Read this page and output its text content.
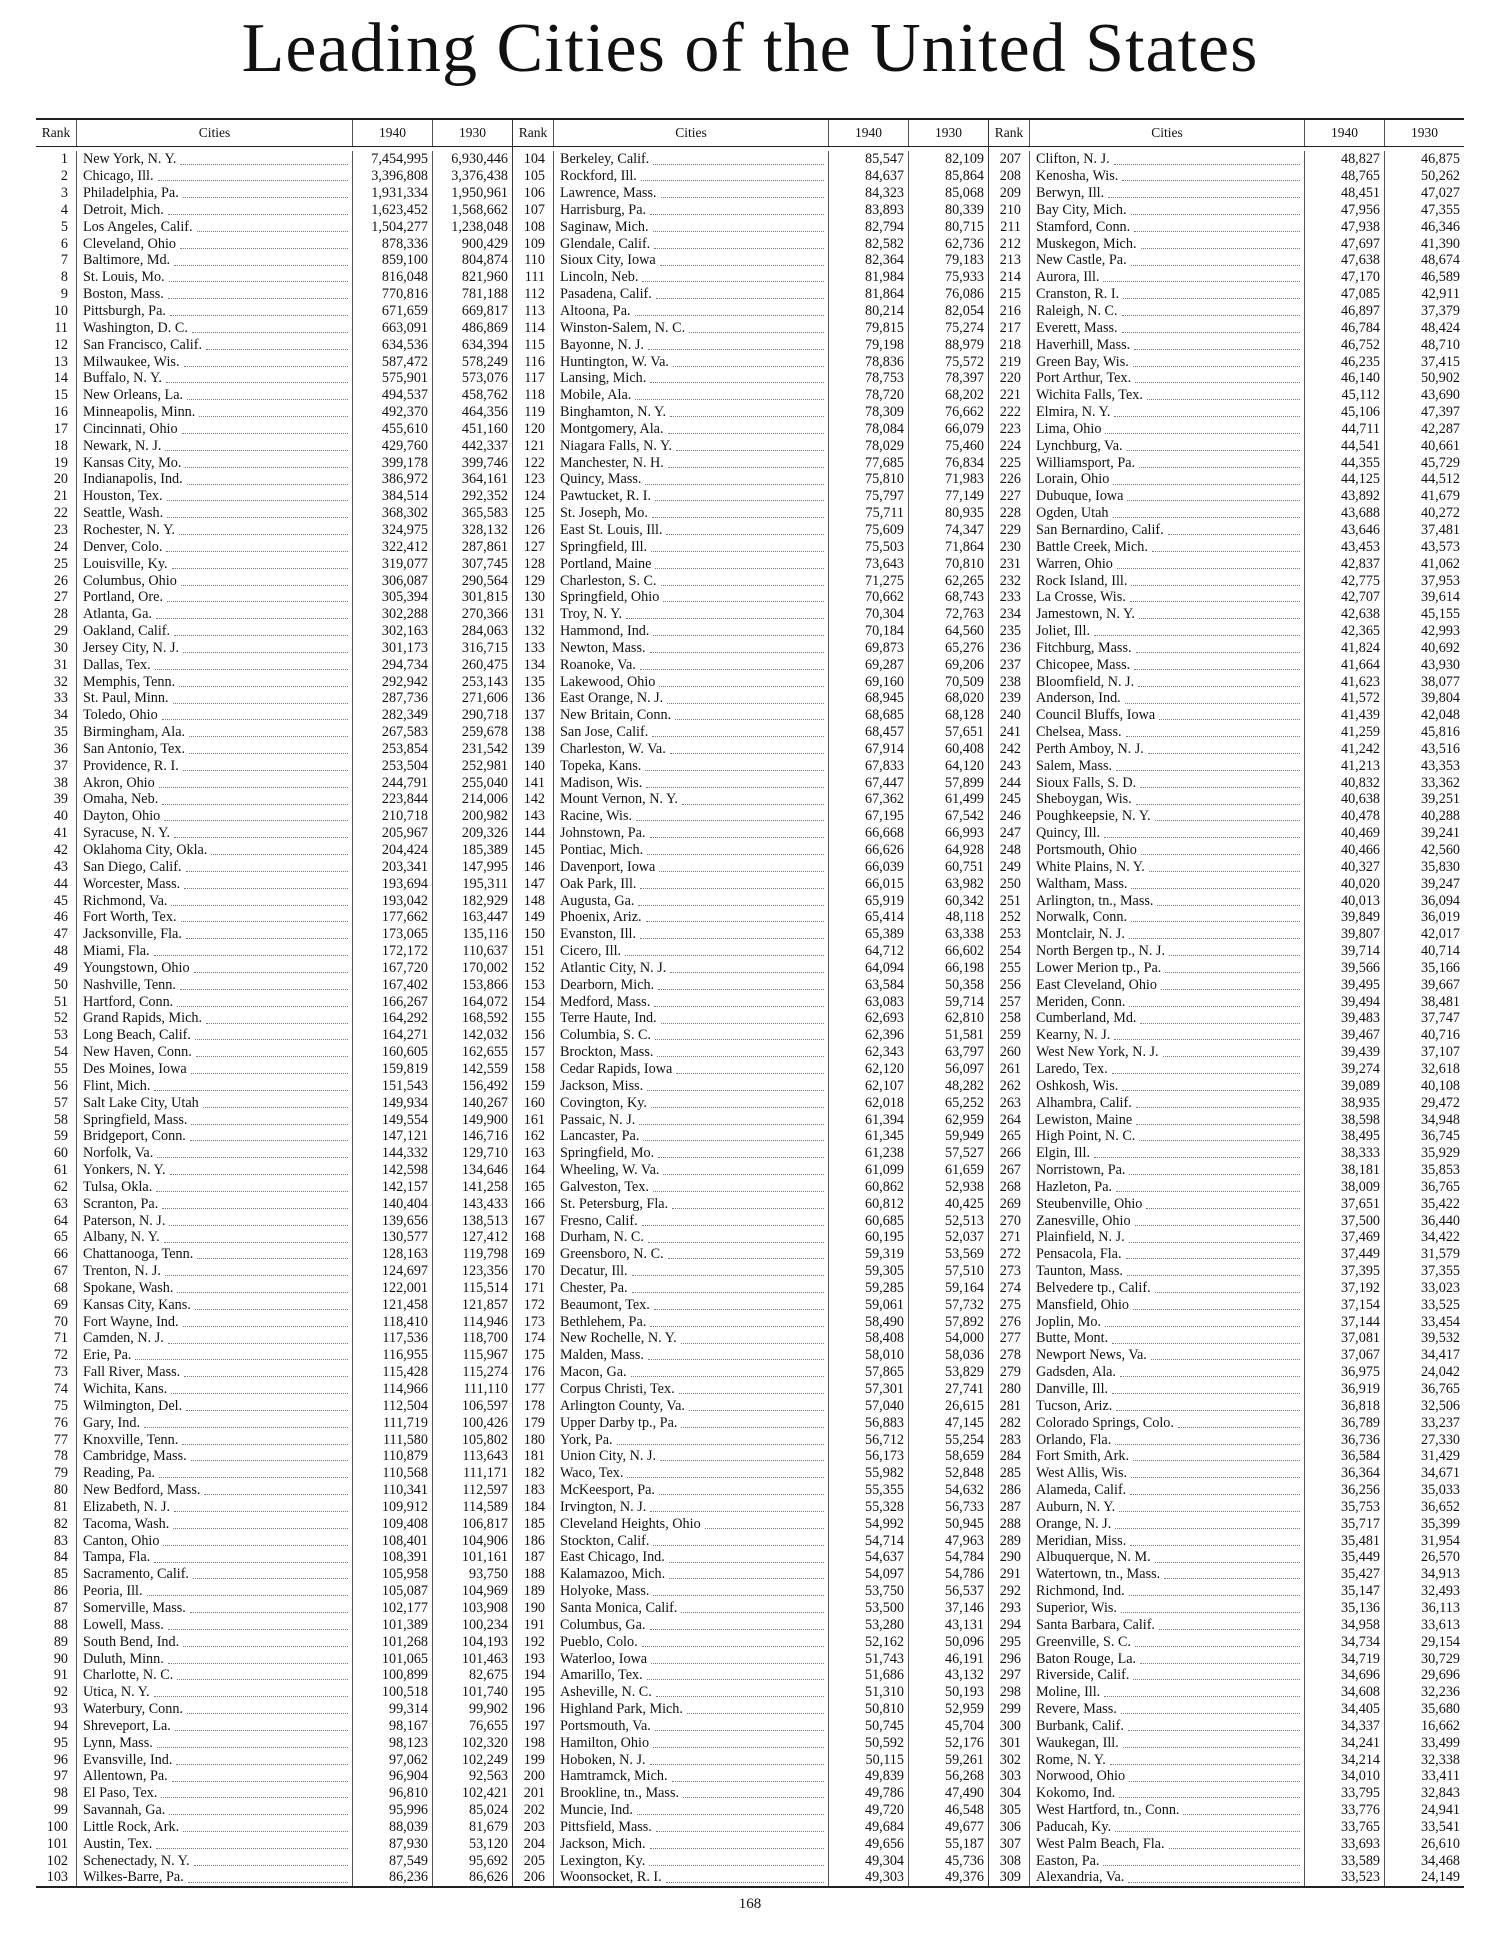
Leading Cities of the United States
Rank	Cities	1940	1930
1	New York, N. Y.	7,454,995	6,930,446
2	Chicago, Ill.	3,396,808	3,376,438
3	Philadelphia, Pa.	1,931,334	1,950,961
4	Detroit, Mich.	1,623,452	1,568,662
5	Los Angeles, Calif.	1,504,277	1,238,048
6	Cleveland, Ohio	878,336	900,429
7	Baltimore, Md.	859,100	804,874
8	St. Louis, Mo.	816,048	821,960
9	Boston, Mass.	770,816	781,188
10	Pittsburgh, Pa.	671,659	669,817
11	Washington, D. C.	663,091	486,869
12	San Francisco, Calif.	634,536	634,394
13	Milwaukee, Wis.	587,472	578,249
14	Buffalo, N. Y.	575,901	573,076
15	New Orleans, La.	494,537	458,762
16	Minneapolis, Minn.	492,370	464,356
17	Cincinnati, Ohio	455,610	451,160
18	Newark, N. J.	429,760	442,337
19	Kansas City, Mo.	399,178	399,746
20	Indianapolis, Ind.	386,972	364,161
21	Houston, Tex.	384,514	292,352
22	Seattle, Wash.	368,302	365,583
23	Rochester, N. Y.	324,975	328,132
24	Denver, Colo.	322,412	287,861
25	Louisville, Ky.	319,077	307,745
26	Columbus, Ohio	306,087	290,564
27	Portland, Ore.	305,394	301,815
28	Atlanta, Ga.	302,288	270,366
29	Oakland, Calif.	302,163	284,063
30	Jersey City, N. J.	301,173	316,715
31	Dallas, Tex.	294,734	260,475
32	Memphis, Tenn.	292,942	253,143
33	St. Paul, Minn.	287,736	271,606
34	Toledo, Ohio	282,349	290,718
35	Birmingham, Ala.	267,583	259,678
36	San Antonio, Tex.	253,854	231,542
37	Providence, R. I.	253,504	252,981
38	Akron, Ohio	244,791	255,040
39	Omaha, Neb.	223,844	214,006
40	Dayton, Ohio	210,718	200,982
41	Syracuse, N. Y.	205,967	209,326
42	Oklahoma City, Okla.	204,424	185,389
43	San Diego, Calif.	203,341	147,995
44	Worcester, Mass.	193,694	195,311
45	Richmond, Va.	193,042	182,929
46	Fort Worth, Tex.	177,662	163,447
47	Jacksonville, Fla.	173,065	135,116
48	Miami, Fla.	172,172	110,637
49	Youngstown, Ohio	167,720	170,002
50	Nashville, Tenn.	167,402	153,866
51	Hartford, Conn.	166,267	164,072
52	Grand Rapids, Mich.	164,292	168,592
53	Long Beach, Calif.	164,271	142,032
54	New Haven, Conn.	160,605	162,655
55	Des Moines, Iowa	159,819	142,559
56	Flint, Mich.	151,543	156,492
57	Salt Lake City, Utah	149,934	140,267
58	Springfield, Mass.	149,554	149,900
59	Bridgeport, Conn.	147,121	146,716
60	Norfolk, Va.	144,332	129,710
61	Yonkers, N. Y.	142,598	134,646
62	Tulsa, Okla.	142,157	141,258
63	Scranton, Pa.	140,404	143,433
64	Paterson, N. J.	139,656	138,513
65	Albany, N. Y.	130,577	127,412
66	Chattanooga, Tenn.	128,163	119,798
67	Trenton, N. J.	124,697	123,356
68	Spokane, Wash.	122,001	115,514
69	Kansas City, Kans.	121,458	121,857
70	Fort Wayne, Ind.	118,410	114,946
71	Camden, N. J.	117,536	118,700
72	Erie, Pa.	116,955	115,967
73	Fall River, Mass.	115,428	115,274
74	Wichita, Kans.	114,966	111,110
75	Wilmington, Del.	112,504	106,597
76	Gary, Ind.	111,719	100,426
77	Knoxville, Tenn.	111,580	105,802
78	Cambridge, Mass.	110,879	113,643
79	Reading, Pa.	110,568	111,171
80	New Bedford, Mass.	110,341	112,597
81	Elizabeth, N. J.	109,912	114,589
82	Tacoma, Wash.	109,408	106,817
83	Canton, Ohio	108,401	104,906
84	Tampa, Fla.	108,391	101,161
85	Sacramento, Calif.	105,958	93,750
86	Peoria, Ill.	105,087	104,969
87	Somerville, Mass.	102,177	103,908
88	Lowell, Mass.	101,389	100,234
89	South Bend, Ind.	101,268	104,193
90	Duluth, Minn.	101,065	101,463
91	Charlotte, N. C.	100,899	82,675
92	Utica, N. Y.	100,518	101,740
93	Waterbury, Conn.	99,314	99,902
94	Shreveport, La.	98,167	76,655
95	Lynn, Mass.	98,123	102,320
96	Evansville, Ind.	97,062	102,249
97	Allentown, Pa.	96,904	92,563
98	El Paso, Tex.	96,810	102,421
99	Savannah, Ga.	95,996	85,024
100	Little Rock, Ark.	88,039	81,679
101	Austin, Tex.	87,930	53,120
102	Schenectady, N. Y.	87,549	95,692
103	Wilkes-Barre, Pa.	86,236	86,626
Rank	Cities	1940	1930
104	Berkeley, Calif.	85,547	82,109
105	Rockford, Ill.	84,637	85,864
106	Lawrence, Mass.	84,323	85,068
107	Harrisburg, Pa.	83,893	80,339
108	Saginaw, Mich.	82,794	80,715
109	Glendale, Calif.	82,582	62,736
110	Sioux City, Iowa	82,364	79,183
111	Lincoln, Neb.	81,984	75,933
112	Pasadena, Calif.	81,864	76,086
113	Altoona, Pa.	80,214	82,054
114	Winston-Salem, N. C.	79,815	75,274
115	Bayonne, N. J.	79,198	88,979
116	Huntington, W. Va.	78,836	75,572
117	Lansing, Mich.	78,753	78,397
118	Mobile, Ala.	78,720	68,202
119	Binghamton, N. Y.	78,309	76,662
120	Montgomery, Ala.	78,084	66,079
121	Niagara Falls, N. Y.	78,029	75,460
122	Manchester, N. H.	77,685	76,834
123	Quincy, Mass.	75,810	71,983
124	Pawtucket, R. I.	75,797	77,149
125	St. Joseph, Mo.	75,711	80,935
126	East St. Louis, Ill.	75,609	74,347
127	Springfield, Ill.	75,503	71,864
128	Portland, Maine	73,643	70,810
129	Charleston, S. C.	71,275	62,265
130	Springfield, Ohio	70,662	68,743
131	Troy, N. Y.	70,304	72,763
132	Hammond, Ind.	70,184	64,560
133	Newton, Mass.	69,873	65,276
134	Roanoke, Va.	69,287	69,206
135	Lakewood, Ohio	69,160	70,509
136	East Orange, N. J.	68,945	68,020
137	New Britain, Conn.	68,685	68,128
138	San Jose, Calif.	68,457	57,651
139	Charleston, W. Va.	67,914	60,408
140	Topeka, Kans.	67,833	64,120
141	Madison, Wis.	67,447	57,899
142	Mount Vernon, N. Y.	67,362	61,499
143	Racine, Wis.	67,195	67,542
144	Johnstown, Pa.	66,668	66,993
145	Pontiac, Mich.	66,626	64,928
146	Davenport, Iowa	66,039	60,751
147	Oak Park, Ill.	66,015	63,982
148	Augusta, Ga.	65,919	60,342
149	Phoenix, Ariz.	65,414	48,118
150	Evanston, Ill.	65,389	63,338
151	Cicero, Ill.	64,712	66,602
152	Atlantic City, N. J.	64,094	66,198
153	Dearborn, Mich.	63,584	50,358
154	Medford, Mass.	63,083	59,714
155	Terre Haute, Ind.	62,693	62,810
156	Columbia, S. C.	62,396	51,581
157	Brockton, Mass.	62,343	63,797
158	Cedar Rapids, Iowa	62,120	56,097
159	Jackson, Miss.	62,107	48,282
160	Covington, Ky.	62,018	65,252
161	Passaic, N. J.	61,394	62,959
162	Lancaster, Pa.	61,345	59,949
163	Springfield, Mo.	61,238	57,527
164	Wheeling, W. Va.	61,099	61,659
165	Galveston, Tex.	60,862	52,938
166	St. Petersburg, Fla.	60,812	40,425
167	Fresno, Calif.	60,685	52,513
168	Durham, N. C.	60,195	52,037
169	Greensboro, N. C.	59,319	53,569
170	Decatur, Ill.	59,305	57,510
171	Chester, Pa.	59,285	59,164
172	Beaumont, Tex.	59,061	57,732
173	Bethlehem, Pa.	58,490	57,892
174	New Rochelle, N. Y.	58,408	54,000
175	Malden, Mass.	58,010	58,036
176	Macon, Ga.	57,865	53,829
177	Corpus Christi, Tex.	57,301	27,741
178	Arlington County, Va.	57,040	26,615
179	Upper Darby tp., Pa.	56,883	47,145
180	York, Pa.	56,712	55,254
181	Union City, N. J.	56,173	58,659
182	Waco, Tex.	55,982	52,848
183	McKeesport, Pa.	55,355	54,632
184	Irvington, N. J.	55,328	56,733
185	Cleveland Heights, Ohio	54,992	50,945
186	Stockton, Calif.	54,714	47,963
187	East Chicago, Ind.	54,637	54,784
188	Kalamazoo, Mich.	54,097	54,786
189	Holyoke, Mass.	53,750	56,537
190	Santa Monica, Calif.	53,500	37,146
191	Columbus, Ga.	53,280	43,131
192	Pueblo, Colo.	52,162	50,096
193	Waterloo, Iowa	51,743	46,191
194	Amarillo, Tex.	51,686	43,132
195	Asheville, N. C.	51,310	50,193
196	Highland Park, Mich.	50,810	52,959
197	Portsmouth, Va.	50,745	45,704
198	Hamilton, Ohio	50,592	52,176
199	Hoboken, N. J.	50,115	59,261
200	Hamtramck, Mich.	49,839	56,268
201	Brookline, tn., Mass.	49,786	47,490
202	Muncie, Ind.	49,720	46,548
203	Pittsfield, Mass.	49,684	49,677
204	Jackson, Mich.	49,656	55,187
205	Lexington, Ky.	49,304	45,736
206	Woonsocket, R. I.	49,303	49,376
Rank	Cities	1940	1930
207	Clifton, N. J.	48,827	46,875
208	Kenosha, Wis.	48,765	50,262
209	Berwyn, Ill.	48,451	47,027
210	Bay City, Mich.	47,956	47,355
211	Stamford, Conn.	47,938	46,346
212	Muskegon, Mich.	47,697	41,390
213	New Castle, Pa.	47,638	48,674
214	Aurora, Ill.	47,170	46,589
215	Cranston, R. I.	47,085	42,911
216	Raleigh, N. C.	46,897	37,379
217	Everett, Mass.	46,784	48,424
218	Haverhill, Mass.	46,752	48,710
219	Green Bay, Wis.	46,235	37,415
220	Port Arthur, Tex.	46,140	50,902
221	Wichita Falls, Tex.	45,112	43,690
222	Elmira, N. Y.	45,106	47,397
223	Lima, Ohio	44,711	42,287
224	Lynchburg, Va.	44,541	40,661
225	Williamsport, Pa.	44,355	45,729
226	Lorain, Ohio	44,125	44,512
227	Dubuque, Iowa	43,892	41,679
228	Ogden, Utah	43,688	40,272
229	San Bernardino, Calif.	43,646	37,481
230	Battle Creek, Mich.	43,453	43,573
231	Warren, Ohio	42,837	41,062
232	Rock Island, Ill.	42,775	37,953
233	La Crosse, Wis.	42,707	39,614
234	Jamestown, N. Y.	42,638	45,155
235	Joliet, Ill.	42,365	42,993
236	Fitchburg, Mass.	41,824	40,692
237	Chicopee, Mass.	41,664	43,930
238	Bloomfield, N. J.	41,623	38,077
239	Anderson, Ind.	41,572	39,804
240	Council Bluffs, Iowa	41,439	42,048
241	Chelsea, Mass.	41,259	45,816
242	Perth Amboy, N. J.	41,242	43,516
243	Salem, Mass.	41,213	43,353
244	Sioux Falls, S. D.	40,832	33,362
245	Sheboygan, Wis.	40,638	39,251
246	Poughkeepsie, N. Y.	40,478	40,288
247	Quincy, Ill.	40,469	39,241
248	Portsmouth, Ohio	40,466	42,560
249	White Plains, N. Y.	40,327	35,830
250	Waltham, Mass.	40,020	39,247
251	Arlington, tn., Mass.	40,013	36,094
252	Norwalk, Conn.	39,849	36,019
253	Montclair, N. J.	39,807	42,017
254	North Bergen tp., N. J.	39,714	40,714
255	Lower Merion tp., Pa.	39,566	35,166
256	East Cleveland, Ohio	39,495	39,667
257	Meriden, Conn.	39,494	38,481
258	Cumberland, Md.	39,483	37,747
259	Kearny, N. J.	39,467	40,716
260	West New York, N. J.	39,439	37,107
261	Laredo, Tex.	39,274	32,618
262	Oshkosh, Wis.	39,089	40,108
263	Alhambra, Calif.	38,935	29,472
264	Lewiston, Maine	38,598	34,948
265	High Point, N. C.	38,495	36,745
266	Elgin, Ill.	38,333	35,929
267	Norristown, Pa.	38,181	35,853
268	Hazleton, Pa.	38,009	36,765
269	Steubenville, Ohio	37,651	35,422
270	Zanesville, Ohio	37,500	36,440
271	Plainfield, N. J.	37,469	34,422
272	Pensacola, Fla.	37,449	31,579
273	Taunton, Mass.	37,395	37,355
274	Belvedere tp., Calif.	37,192	33,023
275	Mansfield, Ohio	37,154	33,525
276	Joplin, Mo.	37,144	33,454
277	Butte, Mont.	37,081	39,532
278	Newport News, Va.	37,067	34,417
279	Gadsden, Ala.	36,975	24,042
280	Danville, Ill.	36,919	36,765
281	Tucson, Ariz.	36,818	32,506
282	Colorado Springs, Colo.	36,789	33,237
283	Orlando, Fla.	36,736	27,330
284	Fort Smith, Ark.	36,584	31,429
285	West Allis, Wis.	36,364	34,671
286	Alameda, Calif.	36,256	35,033
287	Auburn, N. Y.	35,753	36,652
288	Orange, N. J.	35,717	35,399
289	Meridian, Miss.	35,481	31,954
290	Albuquerque, N. M.	35,449	26,570
291	Watertown, tn., Mass.	35,427	34,913
292	Richmond, Ind.	35,147	32,493
293	Superior, Wis.	35,136	36,113
294	Santa Barbara, Calif.	34,958	33,613
295	Greenville, S. C.	34,734	29,154
296	Baton Rouge, La.	34,719	30,729
297	Riverside, Calif.	34,696	29,696
298	Moline, Ill.	34,608	32,236
299	Revere, Mass.	34,405	35,680
300	Burbank, Calif.	34,337	16,662
301	Waukegan, Ill.	34,241	33,499
302	Rome, N. Y.	34,214	32,338
303	Norwood, Ohio	34,010	33,411
304	Kokomo, Ind.	33,795	32,843
305	West Hartford, tn., Conn.	33,776	24,941
306	Paducah, Ky.	33,765	33,541
307	West Palm Beach, Fla.	33,693	26,610
308	Easton, Pa.	33,589	34,468
309	Alexandria, Va.	33,523	24,149
168
